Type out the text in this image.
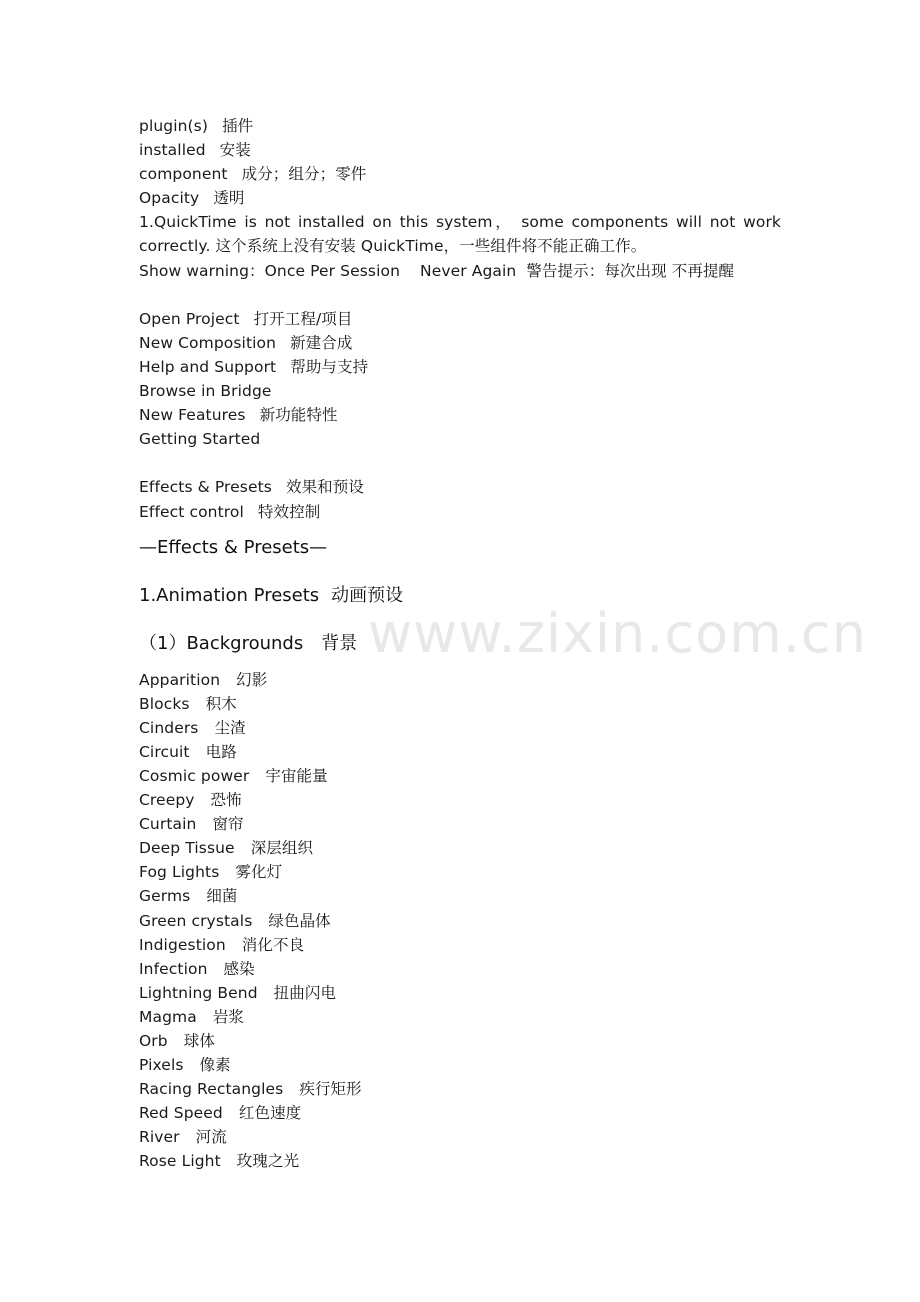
www.zixin.com.cn
plugin(s) 插件
installed 安装
component 成分；组分；零件
Opacity 透明
1.QuickTime is not installed on this system， some components will not work
correctly. 这个系统上没有安装 QuickTime，一些组件将不能正确工作。
Show warning：Once Per Session Never Again 警告提示：每次出现 不再提醒
Open Project 打开工程/项目
New Composition 新建合成
Help and Support 帮助与支持
Browse in Bridge
New Features 新功能特性
Getting Started
Effects & Presets 效果和预设
Effect control 特效控制
—Effects & Presets—
1.Animation Presets 动画预设
（1）Backgrounds 背景
Apparition 幻影
Blocks 积木
Cinders 尘渣
Circuit 电路
Cosmic power 宇宙能量
Creepy 恐怖
Curtain 窗帘
Deep Tissue 深层组织
Fog Lights 雾化灯
Germs 细菌
Green crystals 绿色晶体
Indigestion 消化不良
Infection 感染
Lightning Bend 扭曲闪电
Magma 岩浆
Orb 球体
Pixels 像素
Racing Rectangles 疾行矩形
Red Speed 红色速度
River 河流
Rose Light 玫瑰之光
